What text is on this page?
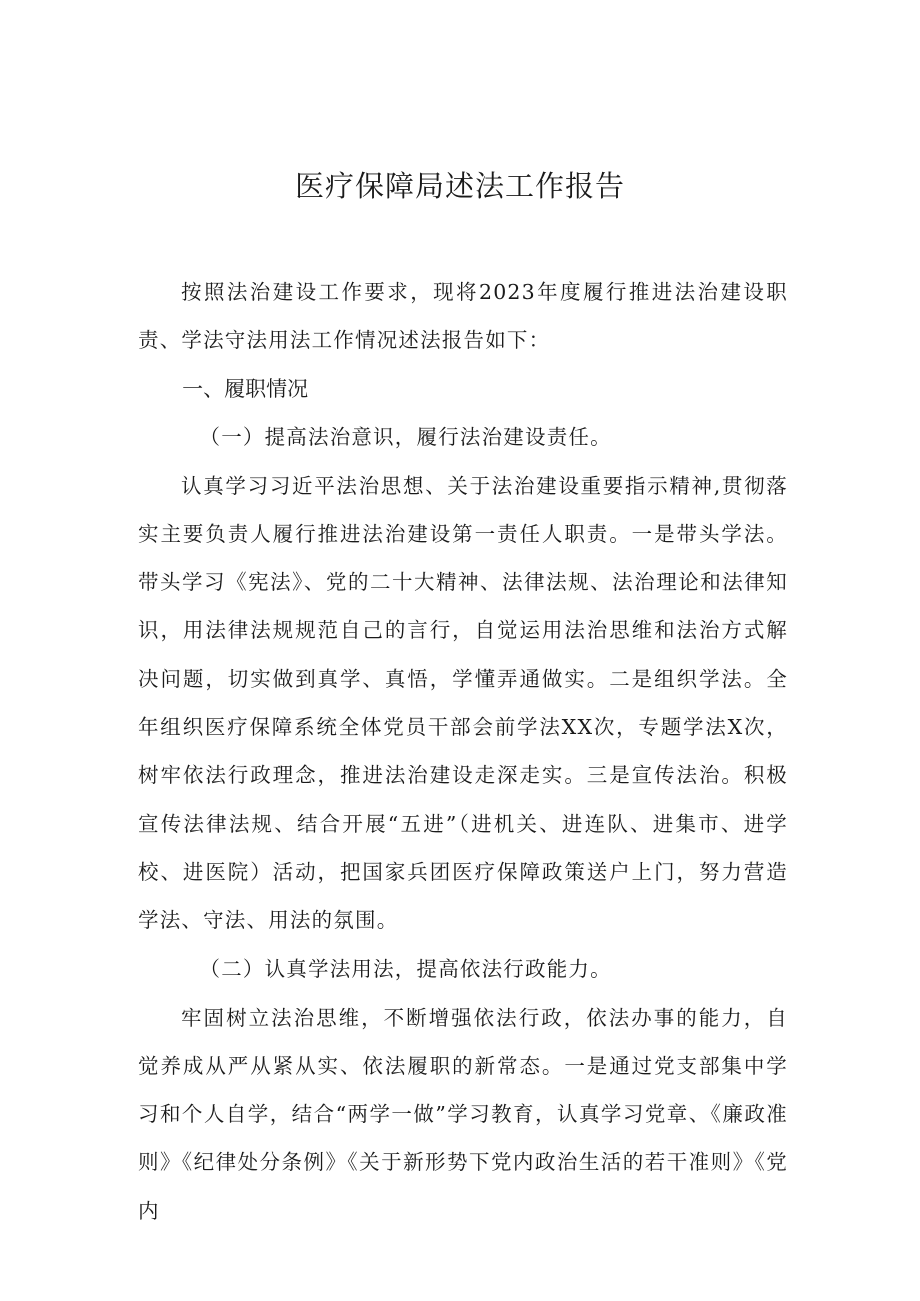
医疗保障局述法工作报告

按照法治建设工作要求，现将2023年度履行推进法治建设职责、学法守法用法工作情况述法报告如下：

一、履职情况

（一）提高法治意识，履行法治建设责任。

认真学习习近平法治思想、关于法治建设重要指示精神,贯彻落实主要负责人履行推进法治建设第一责任人职责。一是带头学法。带头学习《宪法》、党的二十大精神、法律法规、法治理论和法律知识，用法律法规规范自己的言行，自觉运用法治思维和法治方式解决问题，切实做到真学、真悟，学懂弄通做实。二是组织学法。全年组织医疗保障系统全体党员干部会前学法XX次，专题学法X次，树牢依法行政理念，推进法治建设走深走实。三是宣传法治。积极宣传法律法规、结合开展“五进”（进机关、进连队、进集市、进学校、进医院）活动，把国家兵团医疗保障政策送户上门，努力营造学法、守法、用法的氛围。

（二）认真学法用法，提高依法行政能力。

牢固树立法治思维，不断增强依法行政，依法办事的能力，自觉养成从严从紧从实、依法履职的新常态。一是通过党支部集中学习和个人自学，结合“两学一做”学习教育，认真学习党章、《廉政准则》《纪律处分条例》《关于新形势下党内政治生活的若干准则》《党内
